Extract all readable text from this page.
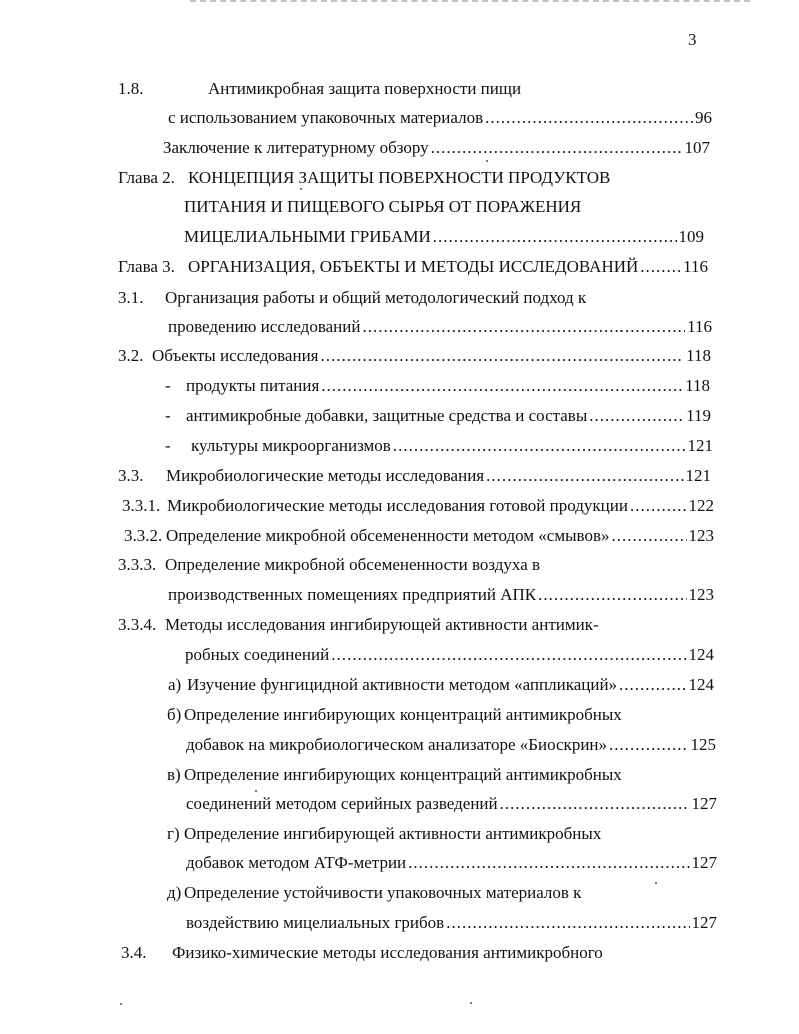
3
1.8.	Антимикробная защита поверхности пищи
с использованием упаковочных материалов .....	96
Заключение к литературному обзору .....	107
Глава 2. КОНЦЕПЦИЯ ЗАЩИТЫ ПОВЕРХНОСТИ ПРОДУКТОВ
ПИТАНИЯ И ПИЩЕВОГО СЫРЬЯ ОТ ПОРАЖЕНИЯ
МИЦЕЛИАЛЬНЫМИ ГРИБАМИ .....	109
Глава 3. ОРГАНИЗАЦИЯ, ОБЪЕКТЫ И МЕТОДЫ ИССЛЕДОВАНИЙ .....	116
3.1.	Организация работы и общий методологический подход к
проведению исследований .....	116
3.2. Объекты исследования .....	118
- продукты питания .....	118
- антимикробные добавки, защитные средства и составы .....	119
-	культуры микроорганизмов .....	121
3.3.	Микробиологические методы исследования .....	121
3.3.1. Микробиологические методы исследования готовой продукции .....	122
3.3.2. Определение микробной обсемененности методом «смывов» .....	123
3.3.3. Определение микробной обсемененности воздуха в
производственных помещениях предприятий АПК .....	123
3.3.4. Методы исследования ингибирующей активности антимик-
робных соединений .....	124
а) Изучение фунгицидной активности методом «аппликаций» .....	124
б) Определение ингибирующих концентраций антимикробных
добавок на микробиологическом анализаторе «Биоскрин» .....	125
в) Определение ингибирующих концентраций антимикробных
соединений методом серийных разведений .....	127
г) Определение ингибирующей активности антимикробных
добавок методом АТФ-метрии .....	127
д) Определение устойчивости упаковочных материалов к
воздействию мицелиальных грибов .....	127
3.4.	Физико-химические методы исследования антимикробного
